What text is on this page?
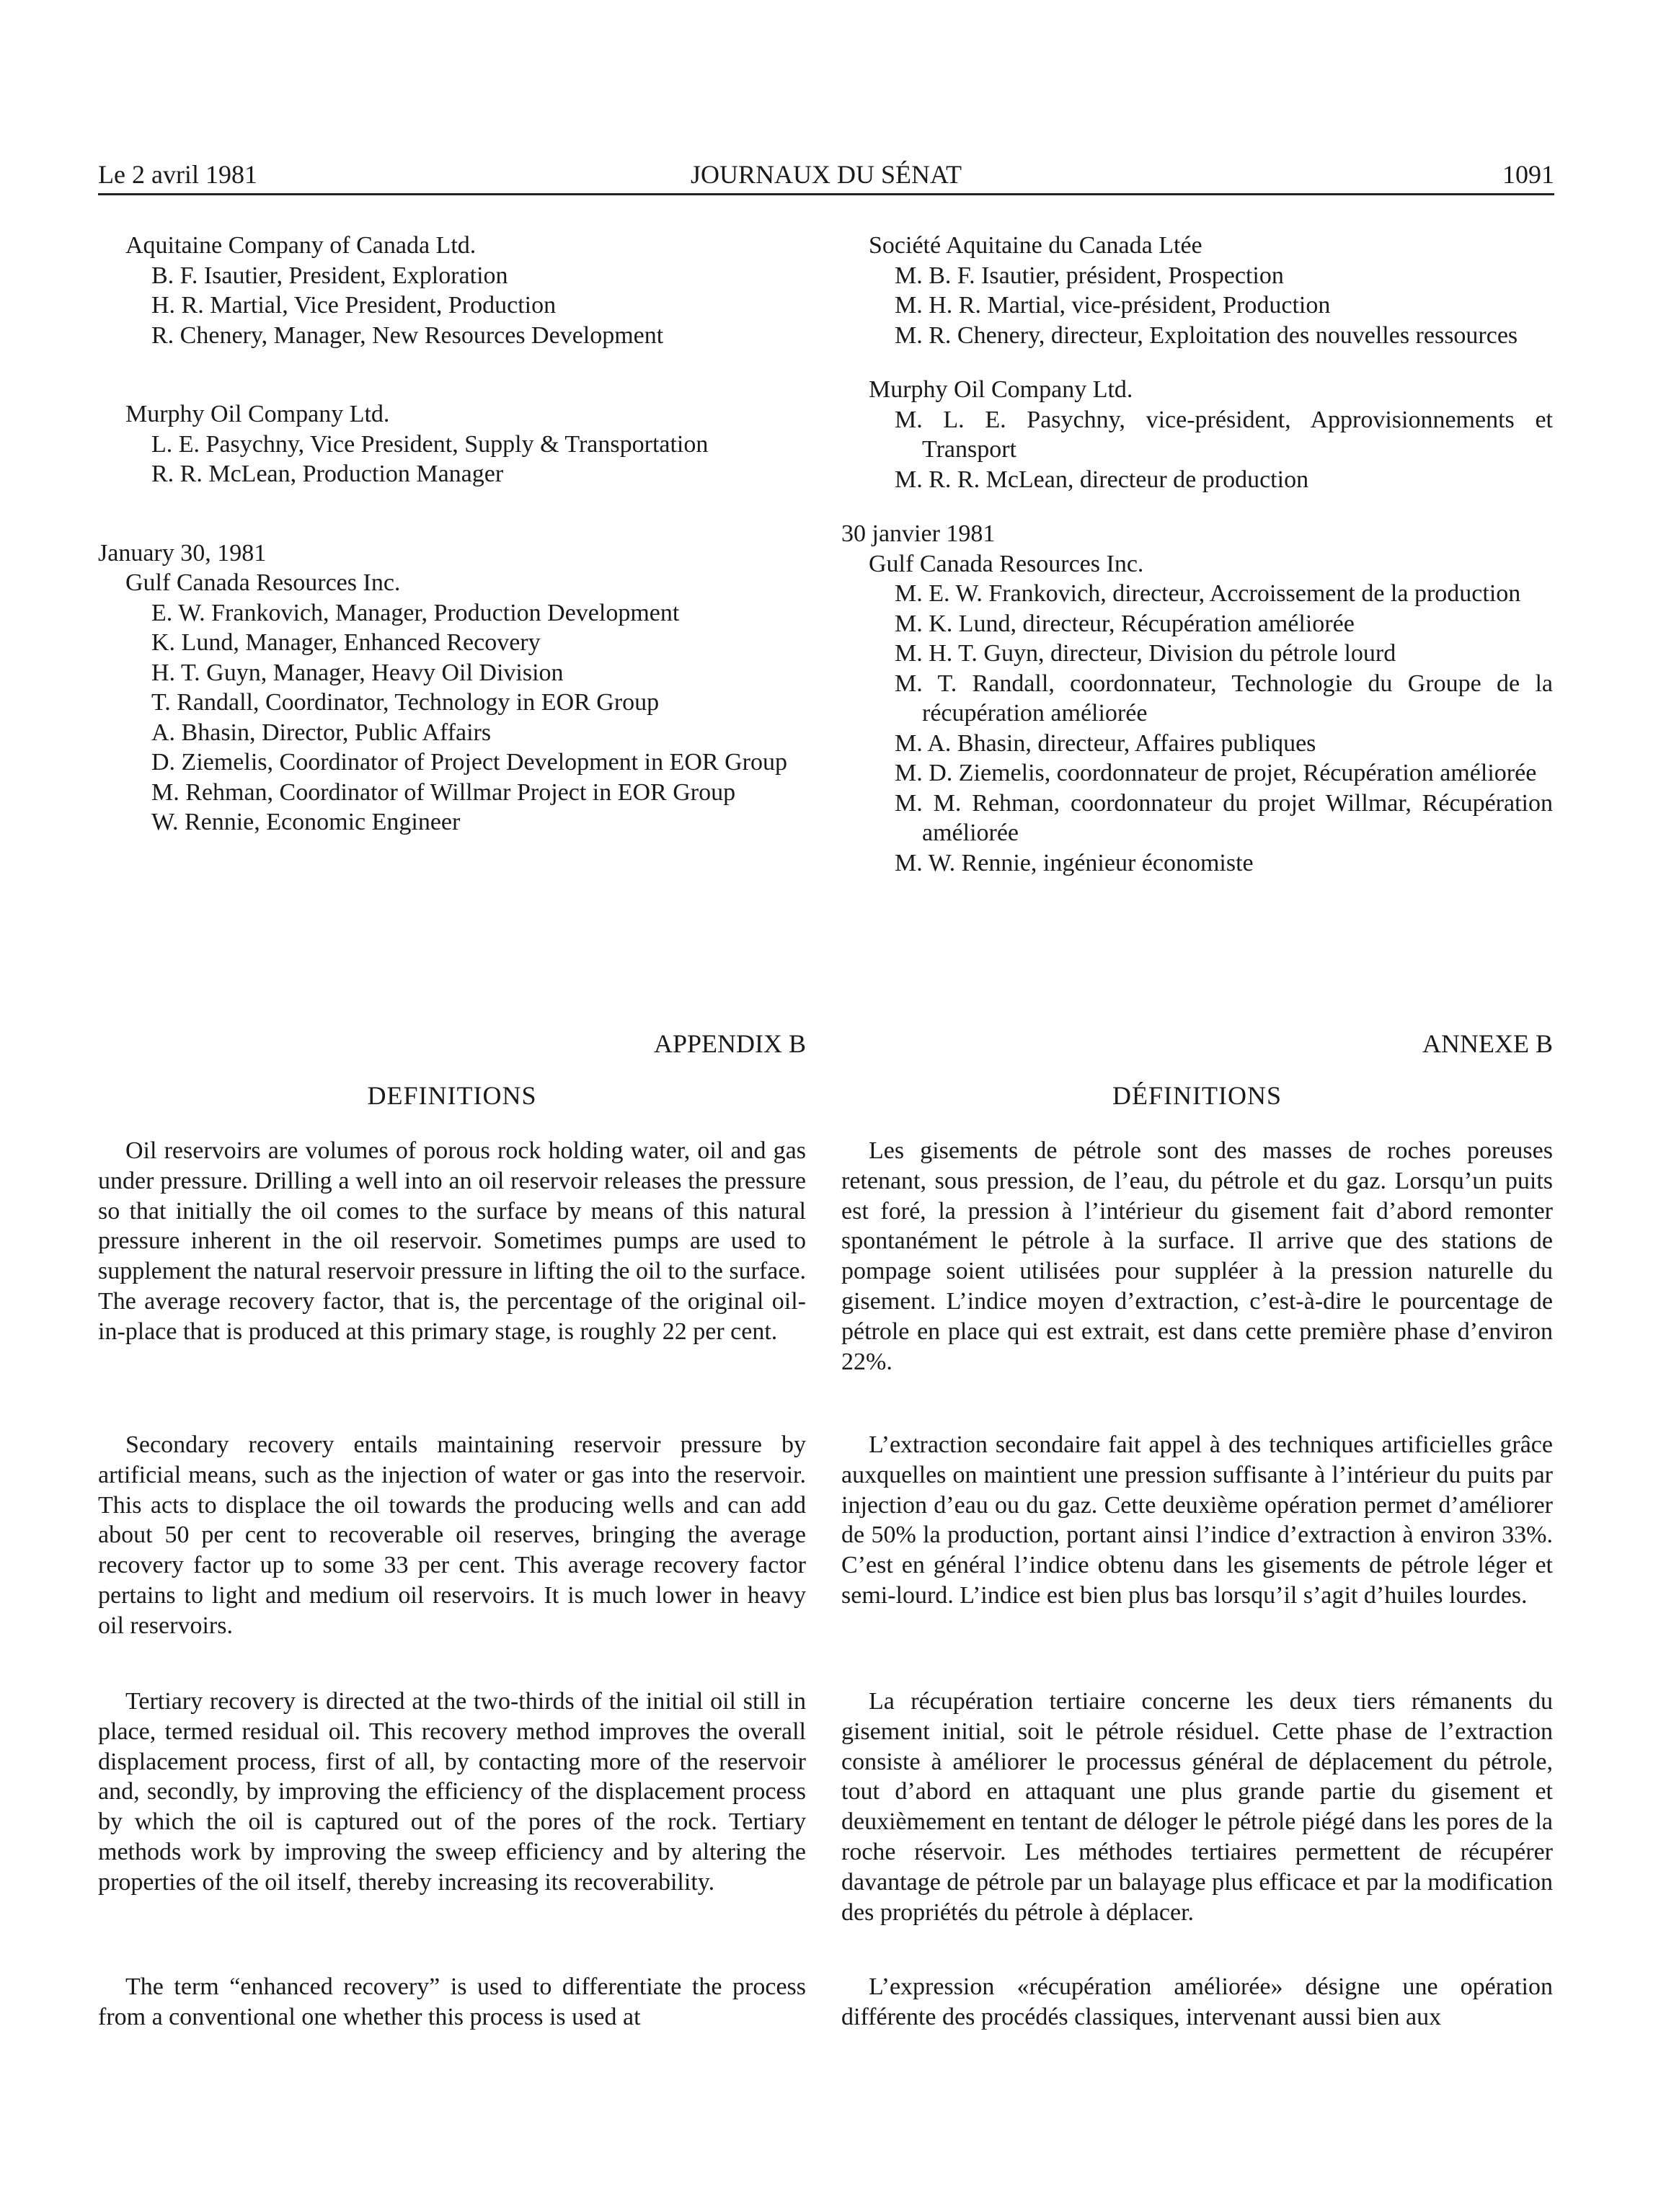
Le 2 avril 1981	JOURNAUX DU SÉNAT	1091
Aquitaine Company of Canada Ltd.
B. F. Isautier, President, Exploration
H. R. Martial, Vice President, Production
R. Chenery, Manager, New Resources Development
Murphy Oil Company Ltd.
L. E. Pasychny, Vice President, Supply & Transportation
R. R. McLean, Production Manager
January 30, 1981
Gulf Canada Resources Inc.
E. W. Frankovich, Manager, Production Development
K. Lund, Manager, Enhanced Recovery
H. T. Guyn, Manager, Heavy Oil Division
T. Randall, Coordinator, Technology in EOR Group
A. Bhasin, Director, Public Affairs
D. Ziemelis, Coordinator of Project Development in EOR Group
M. Rehman, Coordinator of Willmar Project in EOR Group
W. Rennie, Economic Engineer
Société Aquitaine du Canada Ltée
M. B. F. Isautier, président, Prospection
M. H. R. Martial, vice-président, Production
M. R. Chenery, directeur, Exploitation des nouvelles ressources
Murphy Oil Company Ltd.
M. L. E. Pasychny, vice-président, Approvisionnements et Transport
M. R. R. McLean, directeur de production
30 janvier 1981
Gulf Canada Resources Inc.
M. E. W. Frankovich, directeur, Accroissement de la production
M. K. Lund, directeur, Récupération améliorée
M. H. T. Guyn, directeur, Division du pétrole lourd
M. T. Randall, coordonnateur, Technologie du Groupe de la récupération améliorée
M. A. Bhasin, directeur, Affaires publiques
M. D. Ziemelis, coordonnateur de projet, Récupération améliorée
M. M. Rehman, coordonnateur du projet Willmar, Récupération améliorée
M. W. Rennie, ingénieur économiste
APPENDIX B	ANNEXE B
DEFINITIONS	DÉFINITIONS

Oil reservoirs are volumes of porous rock holding water, oil and gas under pressure. Drilling a well into an oil reservoir releases the pressure so that initially the oil comes to the surface by means of this natural pressure inherent in the oil reservoir. Sometimes pumps are used to supplement the natural reservoir pressure in lifting the oil to the surface. The average recovery factor, that is, the percentage of the original oil-in-place that is produced at this primary stage, is roughly 22 per cent.

Secondary recovery entails maintaining reservoir pressure by artificial means, such as the injection of water or gas into the reservoir. This acts to displace the oil towards the producing wells and can add about 50 per cent to recoverable oil reserves, bringing the average recovery factor up to some 33 per cent. This average recovery factor pertains to light and medium oil reservoirs. It is much lower in heavy oil reservoirs.

Tertiary recovery is directed at the two-thirds of the initial oil still in place, termed residual oil. This recovery method improves the overall displacement process, first of all, by contacting more of the reservoir and, secondly, by improving the efficiency of the displacement process by which the oil is captured out of the pores of the rock. Tertiary methods work by improving the sweep efficiency and by altering the properties of the oil itself, thereby increasing its recoverability.

The term “enhanced recovery” is used to differentiate the process from a conventional one whether this process is used at

Les gisements de pétrole sont des masses de roches poreuses retenant, sous pression, de l’eau, du pétrole et du gaz. Lorsqu’un puits est foré, la pression à l’intérieur du gisement fait d’abord remonter spontanément le pétrole à la surface. Il arrive que des stations de pompage soient utilisées pour suppléer à la pression naturelle du gisement. L’indice moyen d’extraction, c’est-à-dire le pourcentage de pétrole en place qui est extrait, est dans cette première phase d’environ 22%.

L’extraction secondaire fait appel à des techniques artificielles grâce auxquelles on maintient une pression suffisante à l’intérieur du puits par injection d’eau ou du gaz. Cette deuxième opération permet d’améliorer de 50% la production, portant ainsi l’indice d’extraction à environ 33%. C’est en général l’indice obtenu dans les gisements de pétrole léger et semi-lourd. L’indice est bien plus bas lorsqu’il s’agit d’huiles lourdes.

La récupération tertiaire concerne les deux tiers rémanents du gisement initial, soit le pétrole résiduel. Cette phase de l’extraction consiste à améliorer le processus général de déplacement du pétrole, tout d’abord en attaquant une plus grande partie du gisement et deuxièmement en tentant de déloger le pétrole piégé dans les pores de la roche réservoir. Les méthodes tertiaires permettent de récupérer davantage de pétrole par un balayage plus efficace et par la modification des propriétés du pétrole à déplacer.

L’expression «récupération améliorée» désigne une opération différente des procédés classiques, intervenant aussi bien aux
